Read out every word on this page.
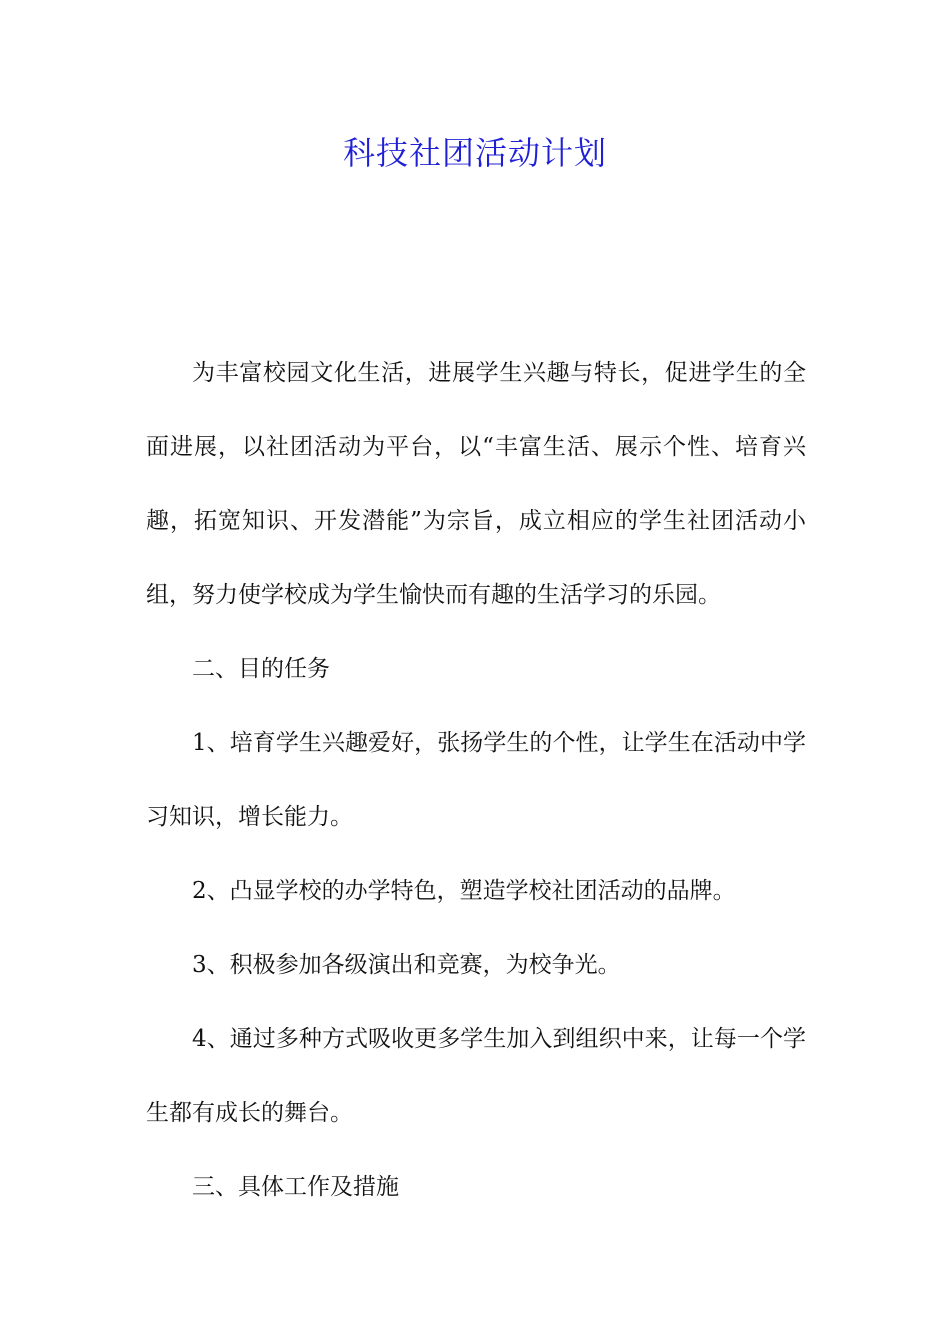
科技社团活动计划

为丰富校园文化生活，进展学生兴趣与特长，促进学生的全面进展，以社团活动为平台，以“丰富生活、展示个性、培育兴趣，拓宽知识、开发潜能”为宗旨，成立相应的学生社团活动小组，努力使学校成为学生愉快而有趣的生活学习的乐园。

二、目的任务

1、培育学生兴趣爱好，张扬学生的个性，让学生在活动中学习知识，增长能力。

2、凸显学校的办学特色，塑造学校社团活动的品牌。

3、积极参加各级演出和竞赛，为校争光。

4、通过多种方式吸收更多学生加入到组织中来，让每一个学生都有成长的舞台。

三、具体工作及措施
